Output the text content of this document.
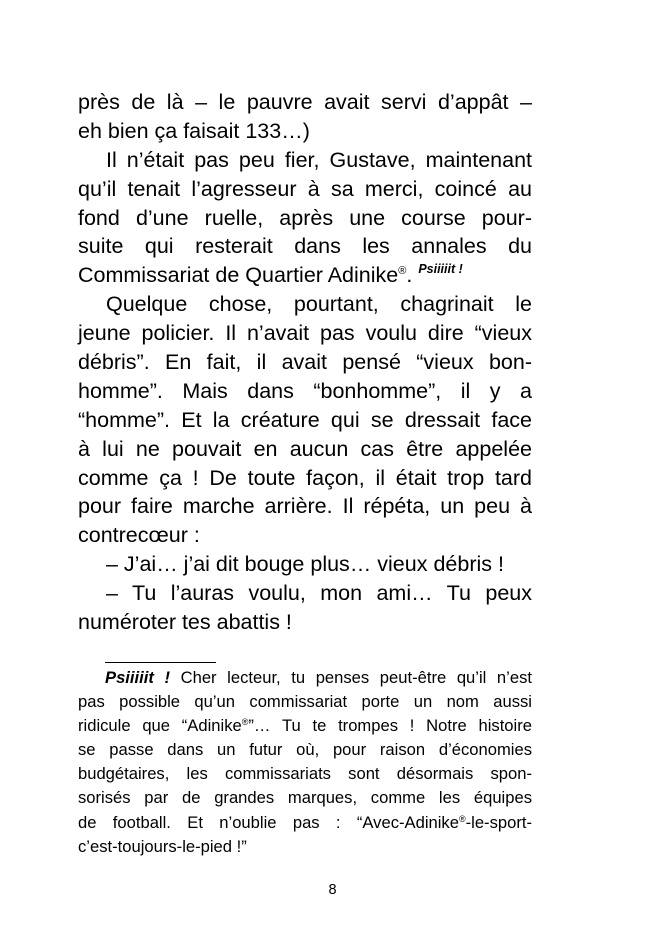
près de là – le pauvre avait servi d’appât –
eh bien ça faisait 133…)
Il n’était pas peu fier, Gustave, maintenant
qu’il tenait l’agresseur à sa merci, coincé au
fond d’une ruelle, après une course pour-
suite qui resterait dans les annales du
Commissariat de Quartier Adinike®. $^{Psiiiiit !}$
Quelque chose, pourtant, chagrinait le
jeune policier. Il n’avait pas voulu dire “vieux
débris”. En fait, il avait pensé “vieux bon-
homme”. Mais dans “bonhomme”, il y a
“homme”. Et la créature qui se dressait face
à lui ne pouvait en aucun cas être appelée
comme ça ! De toute façon, il était trop tard
pour faire marche arrière. Il répéta, un peu à
contrecœur :
– J’ai… j’ai dit bouge plus… vieux débris !
– Tu l’auras voulu, mon ami… Tu peux
numéroter tes abattis !
Psiiiiit ! Cher lecteur, tu penses peut-être qu’il n’est
pas possible qu’un commissariat porte un nom aussi
ridicule que “Adinike®”… Tu te trompes ! Notre histoire
se passe dans un futur où, pour raison d’économies
budgétaires, les commissariats sont désormais spon-
sorisés par de grandes marques, comme les équipes
de football. Et n’oublie pas : “Avec-Adinike®-le-sport-
c’est-toujours-le-pied !”
8
